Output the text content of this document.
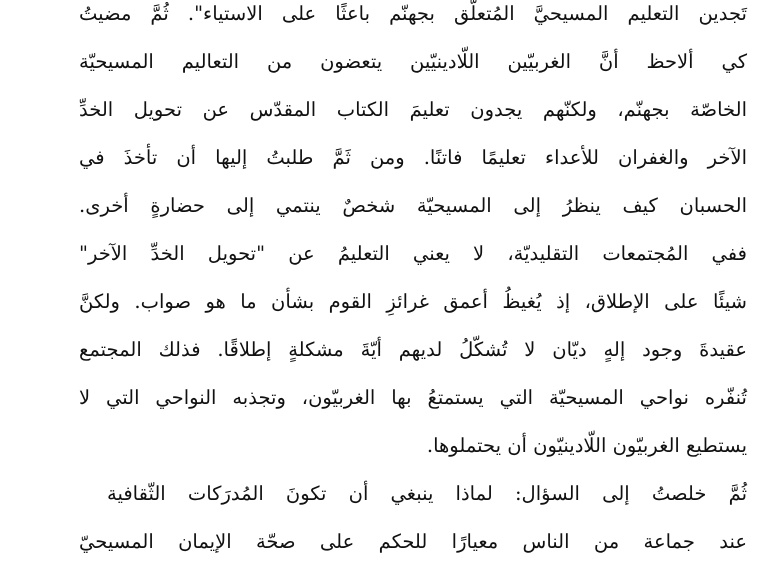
تَجدين التعليم المسيحيَّ المُتعلّق بجهنّم باعثًا على الاستياء". ثُمَّ مضيتُ
كي ألاحظ أنَّ الغربيّين اللّادينيّين يتعضون من التعاليم المسيحيّة
الخاصّة بجهنّم، ولكنّهم يجدون تعليمَ الكتاب المقدّس عن تحويل الخدِّ
الآخر والغفران للأعداء تعليمًا فاتنًا. ومن ثَمَّ طلبتُ إليها أن تأخذَ في
الحسبان كيف ينظرُ إلى المسيحيّة شخصٌ ينتمي إلى حضارةٍ أخرى.
ففي المُجتمعات التقليديّة، لا يعني التعليمُ عن "تحويل الخدِّ الآخر"
شيئًا على الإطلاق، إذ يُغيظُ أعمق غرائزِ القوم بشأن ما هو صواب. ولكنَّ
عقيدةَ وجود إلهٍ ديّان لا تُشكّلُ لديهم أيّةَ مشكلةٍ إطلاقًا. فذلك المجتمع
تُنفّره نواحي المسيحيّة التي يستمتعُ بها الغربيّون، وتجذبه النواحي التي لا
يستطيع الغربيّون اللّادينيّون أن يحتملوها.
ثُمَّ خلصتُ إلى السؤال: لماذا ينبغي أن تكونَ المُدرَكات الثّقافية
عند جماعة من الناس معيارًا للحكم على صحّة الإيمان المسيحيّ
